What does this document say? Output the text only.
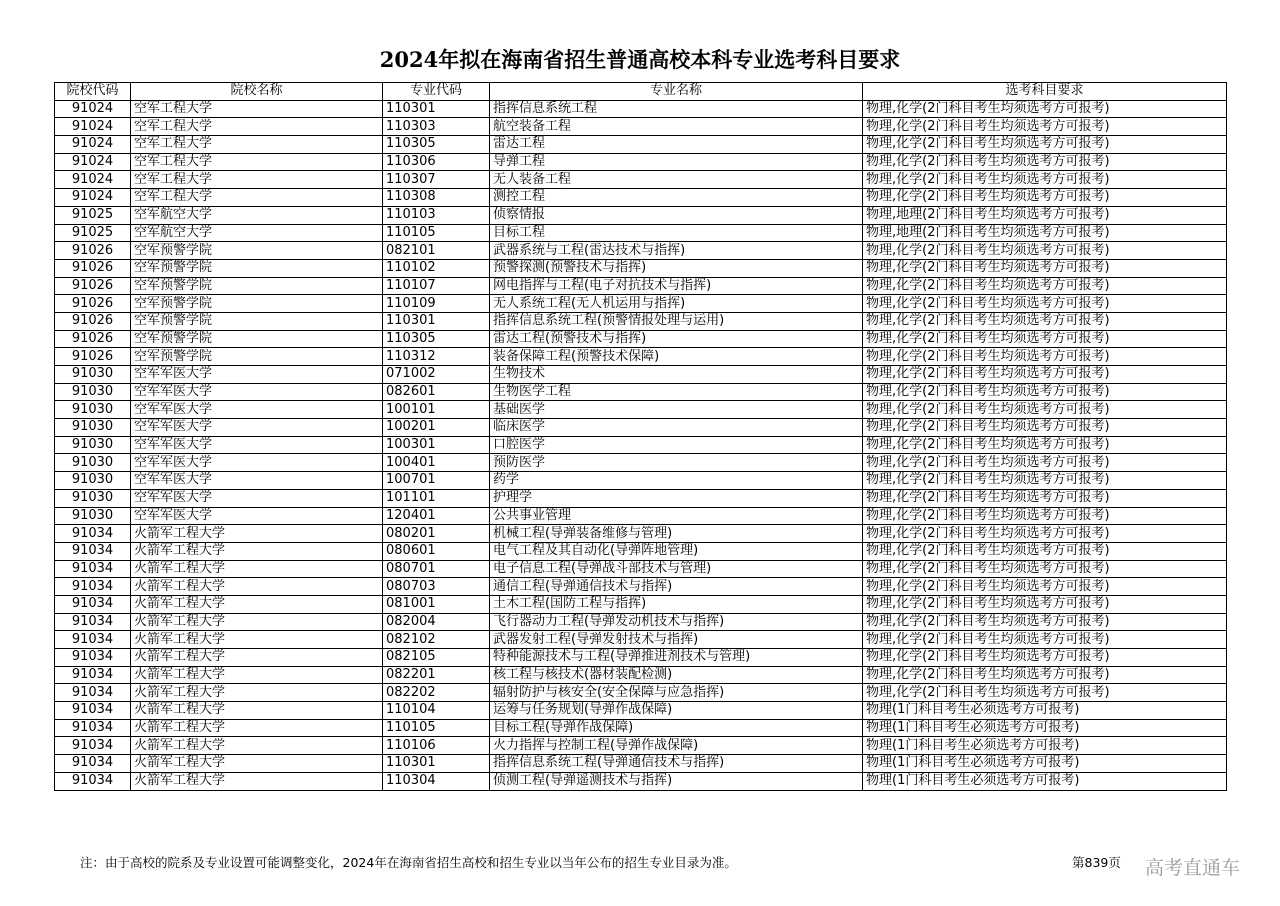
2024年拟在海南省招生普通高校本科专业选考科目要求
院校代码	院校名称	专业代码	专业名称	选考科目要求
91024	空军工程大学	110301	指挥信息系统工程	物理,化学(2门科目考生均须选考方可报考)
91024	空军工程大学	110303	航空装备工程	物理,化学(2门科目考生均须选考方可报考)
91024	空军工程大学	110305	雷达工程	物理,化学(2门科目考生均须选考方可报考)
91024	空军工程大学	110306	导弹工程	物理,化学(2门科目考生均须选考方可报考)
91024	空军工程大学	110307	无人装备工程	物理,化学(2门科目考生均须选考方可报考)
91024	空军工程大学	110308	测控工程	物理,化学(2门科目考生均须选考方可报考)
91025	空军航空大学	110103	侦察情报	物理,地理(2门科目考生均须选考方可报考)
91025	空军航空大学	110105	目标工程	物理,地理(2门科目考生均须选考方可报考)
91026	空军预警学院	082101	武器系统与工程(雷达技术与指挥)	物理,化学(2门科目考生均须选考方可报考)
91026	空军预警学院	110102	预警探测(预警技术与指挥)	物理,化学(2门科目考生均须选考方可报考)
91026	空军预警学院	110107	网电指挥与工程(电子对抗技术与指挥)	物理,化学(2门科目考生均须选考方可报考)
91026	空军预警学院	110109	无人系统工程(无人机运用与指挥)	物理,化学(2门科目考生均须选考方可报考)
91026	空军预警学院	110301	指挥信息系统工程(预警情报处理与运用)	物理,化学(2门科目考生均须选考方可报考)
91026	空军预警学院	110305	雷达工程(预警技术与指挥)	物理,化学(2门科目考生均须选考方可报考)
91026	空军预警学院	110312	装备保障工程(预警技术保障)	物理,化学(2门科目考生均须选考方可报考)
91030	空军军医大学	071002	生物技术	物理,化学(2门科目考生均须选考方可报考)
91030	空军军医大学	082601	生物医学工程	物理,化学(2门科目考生均须选考方可报考)
91030	空军军医大学	100101	基础医学	物理,化学(2门科目考生均须选考方可报考)
91030	空军军医大学	100201	临床医学	物理,化学(2门科目考生均须选考方可报考)
91030	空军军医大学	100301	口腔医学	物理,化学(2门科目考生均须选考方可报考)
91030	空军军医大学	100401	预防医学	物理,化学(2门科目考生均须选考方可报考)
91030	空军军医大学	100701	药学	物理,化学(2门科目考生均须选考方可报考)
91030	空军军医大学	101101	护理学	物理,化学(2门科目考生均须选考方可报考)
91030	空军军医大学	120401	公共事业管理	物理,化学(2门科目考生均须选考方可报考)
91034	火箭军工程大学	080201	机械工程(导弹装备维修与管理)	物理,化学(2门科目考生均须选考方可报考)
91034	火箭军工程大学	080601	电气工程及其自动化(导弹阵地管理)	物理,化学(2门科目考生均须选考方可报考)
91034	火箭军工程大学	080701	电子信息工程(导弹战斗部技术与管理)	物理,化学(2门科目考生均须选考方可报考)
91034	火箭军工程大学	080703	通信工程(导弹通信技术与指挥)	物理,化学(2门科目考生均须选考方可报考)
91034	火箭军工程大学	081001	土木工程(国防工程与指挥)	物理,化学(2门科目考生均须选考方可报考)
91034	火箭军工程大学	082004	飞行器动力工程(导弹发动机技术与指挥)	物理,化学(2门科目考生均须选考方可报考)
91034	火箭军工程大学	082102	武器发射工程(导弹发射技术与指挥)	物理,化学(2门科目考生均须选考方可报考)
91034	火箭军工程大学	082105	特种能源技术与工程(导弹推进剂技术与管理)	物理,化学(2门科目考生均须选考方可报考)
91034	火箭军工程大学	082201	核工程与核技术(器材装配检测)	物理,化学(2门科目考生均须选考方可报考)
91034	火箭军工程大学	082202	辐射防护与核安全(安全保障与应急指挥)	物理,化学(2门科目考生均须选考方可报考)
91034	火箭军工程大学	110104	运筹与任务规划(导弹作战保障)	物理(1门科目考生必须选考方可报考)
91034	火箭军工程大学	110105	目标工程(导弹作战保障)	物理(1门科目考生必须选考方可报考)
91034	火箭军工程大学	110106	火力指挥与控制工程(导弹作战保障)	物理(1门科目考生必须选考方可报考)
91034	火箭军工程大学	110301	指挥信息系统工程(导弹通信技术与指挥)	物理(1门科目考生必须选考方可报考)
91034	火箭军工程大学	110304	侦测工程(导弹遥测技术与指挥)	物理(1门科目考生必须选考方可报考)
注：由于高校的院系及专业设置可能调整变化，2024年在海南省招生高校和招生专业以当年公布的招生专业目录为准。	第839页 高考直通车
